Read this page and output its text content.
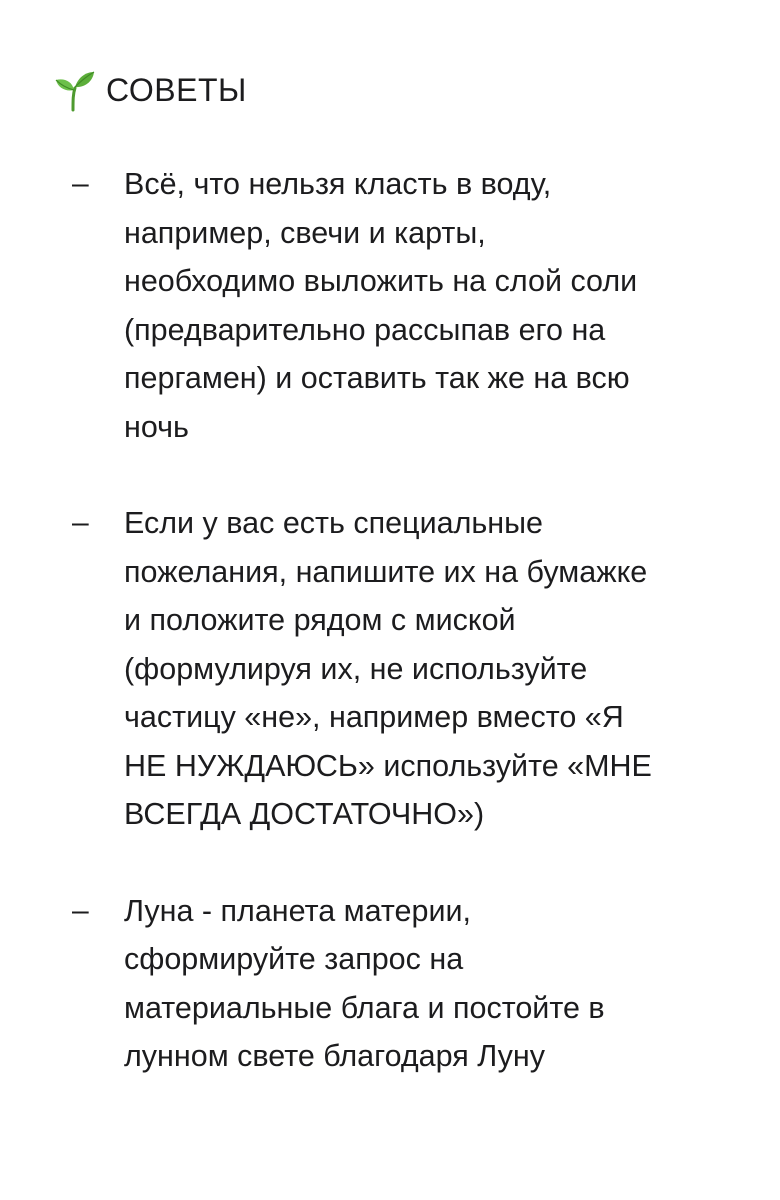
СОВЕТЫ
– Всё, что нельзя класть в воду,
например, свечи и карты,
необходимо выложить на слой соли
(предварительно рассыпав его на
пергамен) и оставить так же на всю
ночь
– Если у вас есть специальные
пожелания, напишите их на бумажке
и положите рядом с миской
(формулируя их, не используйте
частицу «не», например вместо «Я
НЕ НУЖДАЮСЬ» используйте «МНЕ
ВСЕГДА ДОСТАТОЧНО»)
– Луна - планета материи,
сформируйте запрос на
материальные блага и постойте в
лунном свете благодаря Луну
